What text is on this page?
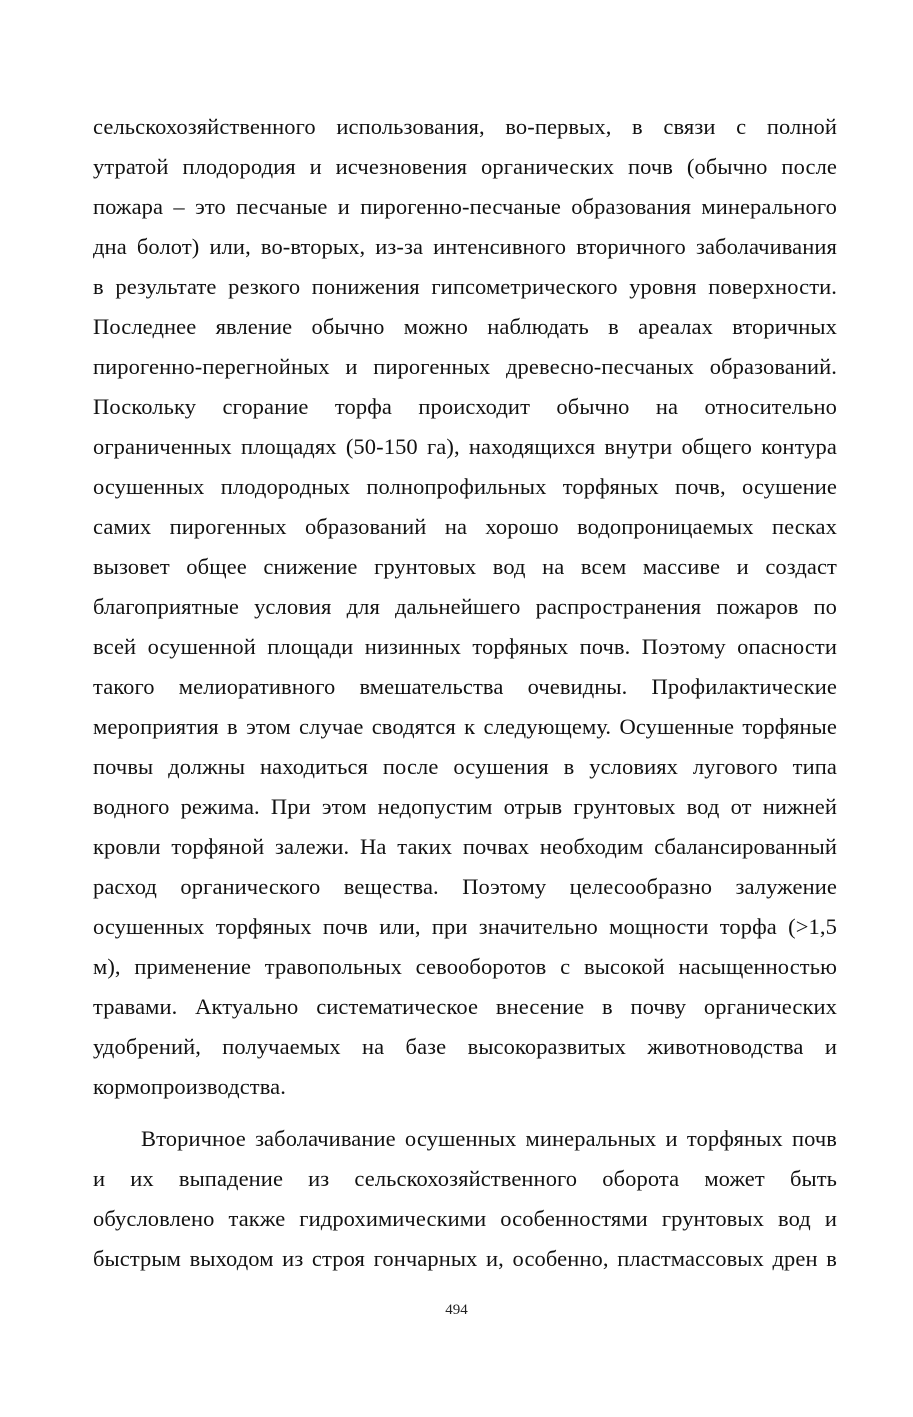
сельскохозяйственного использования, во-первых, в связи с полной
утратой плодородия и исчезновения органических почв (обычно после
пожара – это песчаные и пирогенно-песчаные образования минерального
дна болот) или, во-вторых, из-за интенсивного вторичного заболачивания
в результате резкого понижения гипсометрического уровня поверхности.
Последнее явление обычно можно наблюдать в ареалах вторичных
пирогенно-перегнойных и пирогенных древесно-песчаных образований.
Поскольку сгорание торфа происходит обычно на относительно
ограниченных площадях (50-150 га), находящихся внутри общего контура
осушенных плодородных полнопрофильных торфяных почв, осушение
самих пирогенных образований на хорошо водопроницаемых песках
вызовет общее снижение грунтовых вод на всем массиве и создаст
благоприятные условия для дальнейшего распространения пожаров по
всей осушенной площади низинных торфяных почв. Поэтому опасности
такого мелиоративного вмешательства очевидны. Профилактические
мероприятия в этом случае сводятся к следующему. Осушенные торфяные
почвы должны находиться после осушения в условиях лугового типа
водного режима. При этом недопустим отрыв грунтовых вод от нижней
кровли торфяной залежи. На таких почвах необходим сбалансированный
расход органического вещества. Поэтому целесообразно залужение
осушенных торфяных почв или, при значительно мощности торфа (>1,5
м), применение травопольных севооборотов с высокой насыщенностью
травами. Актуально систематическое внесение в почву органических
удобрений, получаемых на базе высокоразвитых животноводства и
кормопроизводства.
Вторичное заболачивание осушенных минеральных и торфяных почв
и их выпадение из сельскохозяйственного оборота может быть
обусловлено также гидрохимическими особенностями грунтовых вод и
быстрым выходом из строя гончарных и, особенно, пластмассовых дрен в
494
